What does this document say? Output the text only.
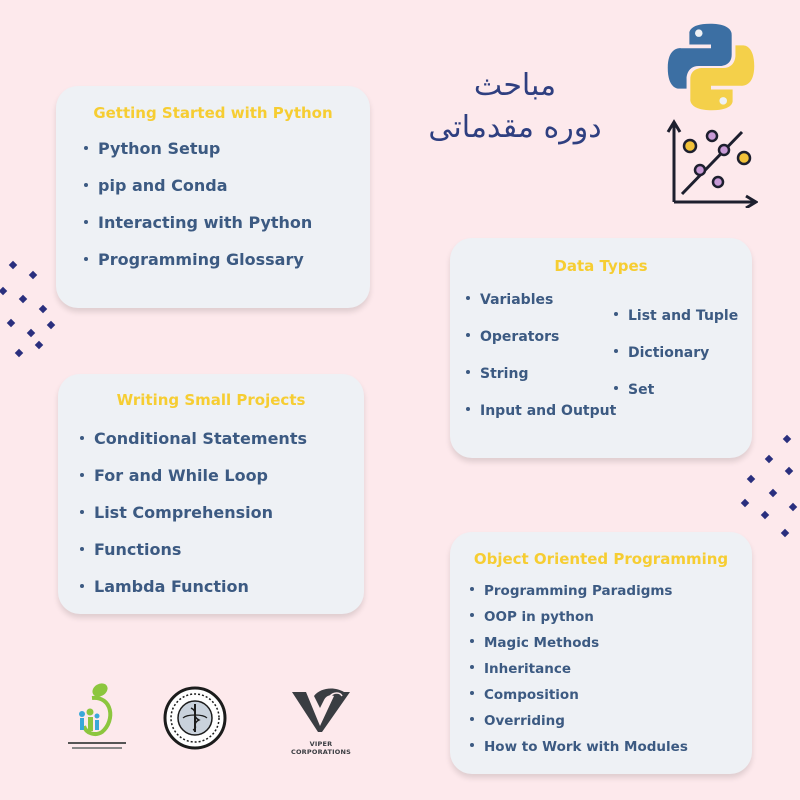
مباحث
دوره مقدماتی
Getting Started with Python
Python Setup
pip and Conda
Interacting with Python
Programming Glossary	Data Types
Variables
Operators
String
Input and Output
List and Tuple
Dictionary
Set
Writing Small Projects
Conditional Statements
For and While Loop
List Comprehension
Functions
Lambda Function
Object Oriented Programming
Programming Paradigms
OOP in python
Magic Methods
Inheritance
Composition
Overriding
How to Work with Modules
VIPER CORPORATIONS
